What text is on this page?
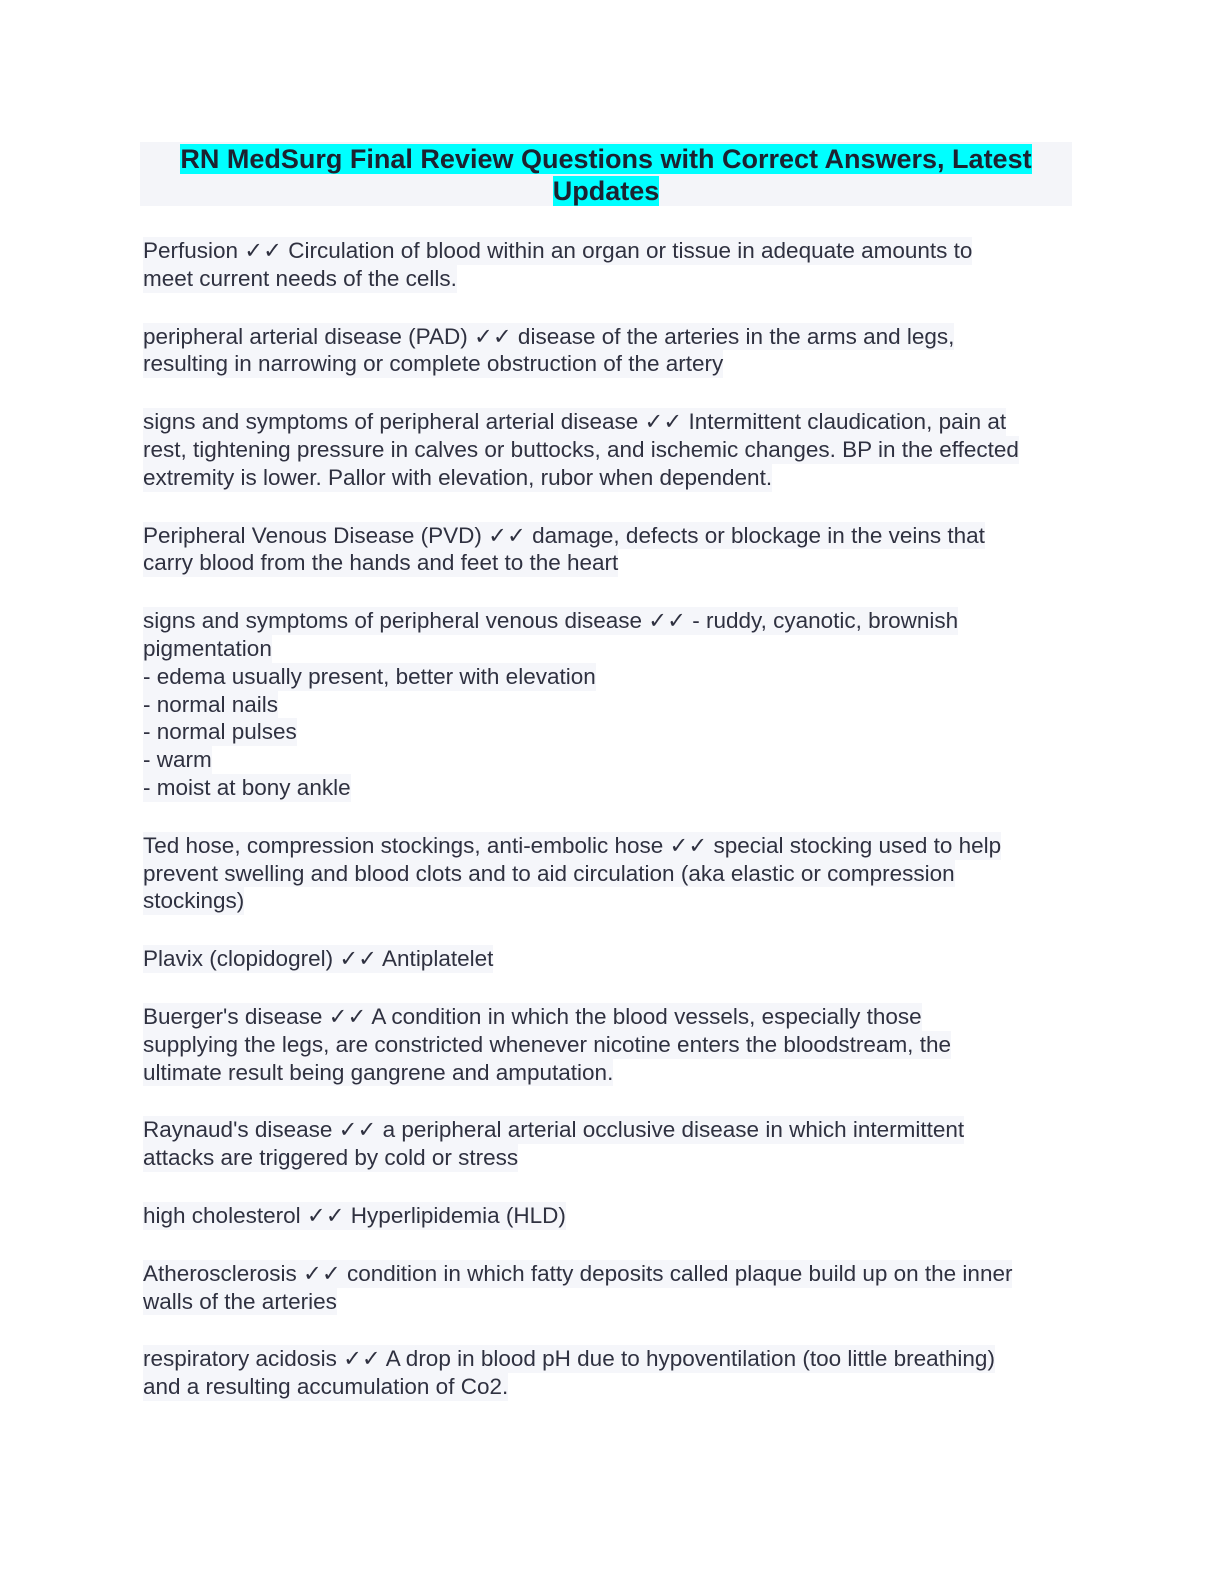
RN MedSurg Final Review Questions with Correct Answers, Latest
Updates
Perfusion ✓✓ Circulation of blood within an organ or tissue in adequate amounts to
meet current needs of the cells.
peripheral arterial disease (PAD) ✓✓ disease of the arteries in the arms and legs,
resulting in narrowing or complete obstruction of the artery
signs and symptoms of peripheral arterial disease ✓✓ Intermittent claudication, pain at
rest, tightening pressure in calves or buttocks, and ischemic changes. BP in the effected
extremity is lower. Pallor with elevation, rubor when dependent.
Peripheral Venous Disease (PVD) ✓✓ damage, defects or blockage in the veins that
carry blood from the hands and feet to the heart
signs and symptoms of peripheral venous disease ✓✓ - ruddy, cyanotic, brownish
pigmentation
- edema usually present, better with elevation
- normal nails
- normal pulses
- warm
- moist at bony ankle
Ted hose, compression stockings, anti-embolic hose ✓✓ special stocking used to help
prevent swelling and blood clots and to aid circulation (aka elastic or compression
stockings)
Plavix (clopidogrel) ✓✓ Antiplatelet
Buerger's disease ✓✓ A condition in which the blood vessels, especially those
supplying the legs, are constricted whenever nicotine enters the bloodstream, the
ultimate result being gangrene and amputation.
Raynaud's disease ✓✓ a peripheral arterial occlusive disease in which intermittent
attacks are triggered by cold or stress
high cholesterol ✓✓ Hyperlipidemia (HLD)
Atherosclerosis ✓✓ condition in which fatty deposits called plaque build up on the inner
walls of the arteries
respiratory acidosis ✓✓ A drop in blood pH due to hypoventilation (too little breathing)
and a resulting accumulation of Co2.
